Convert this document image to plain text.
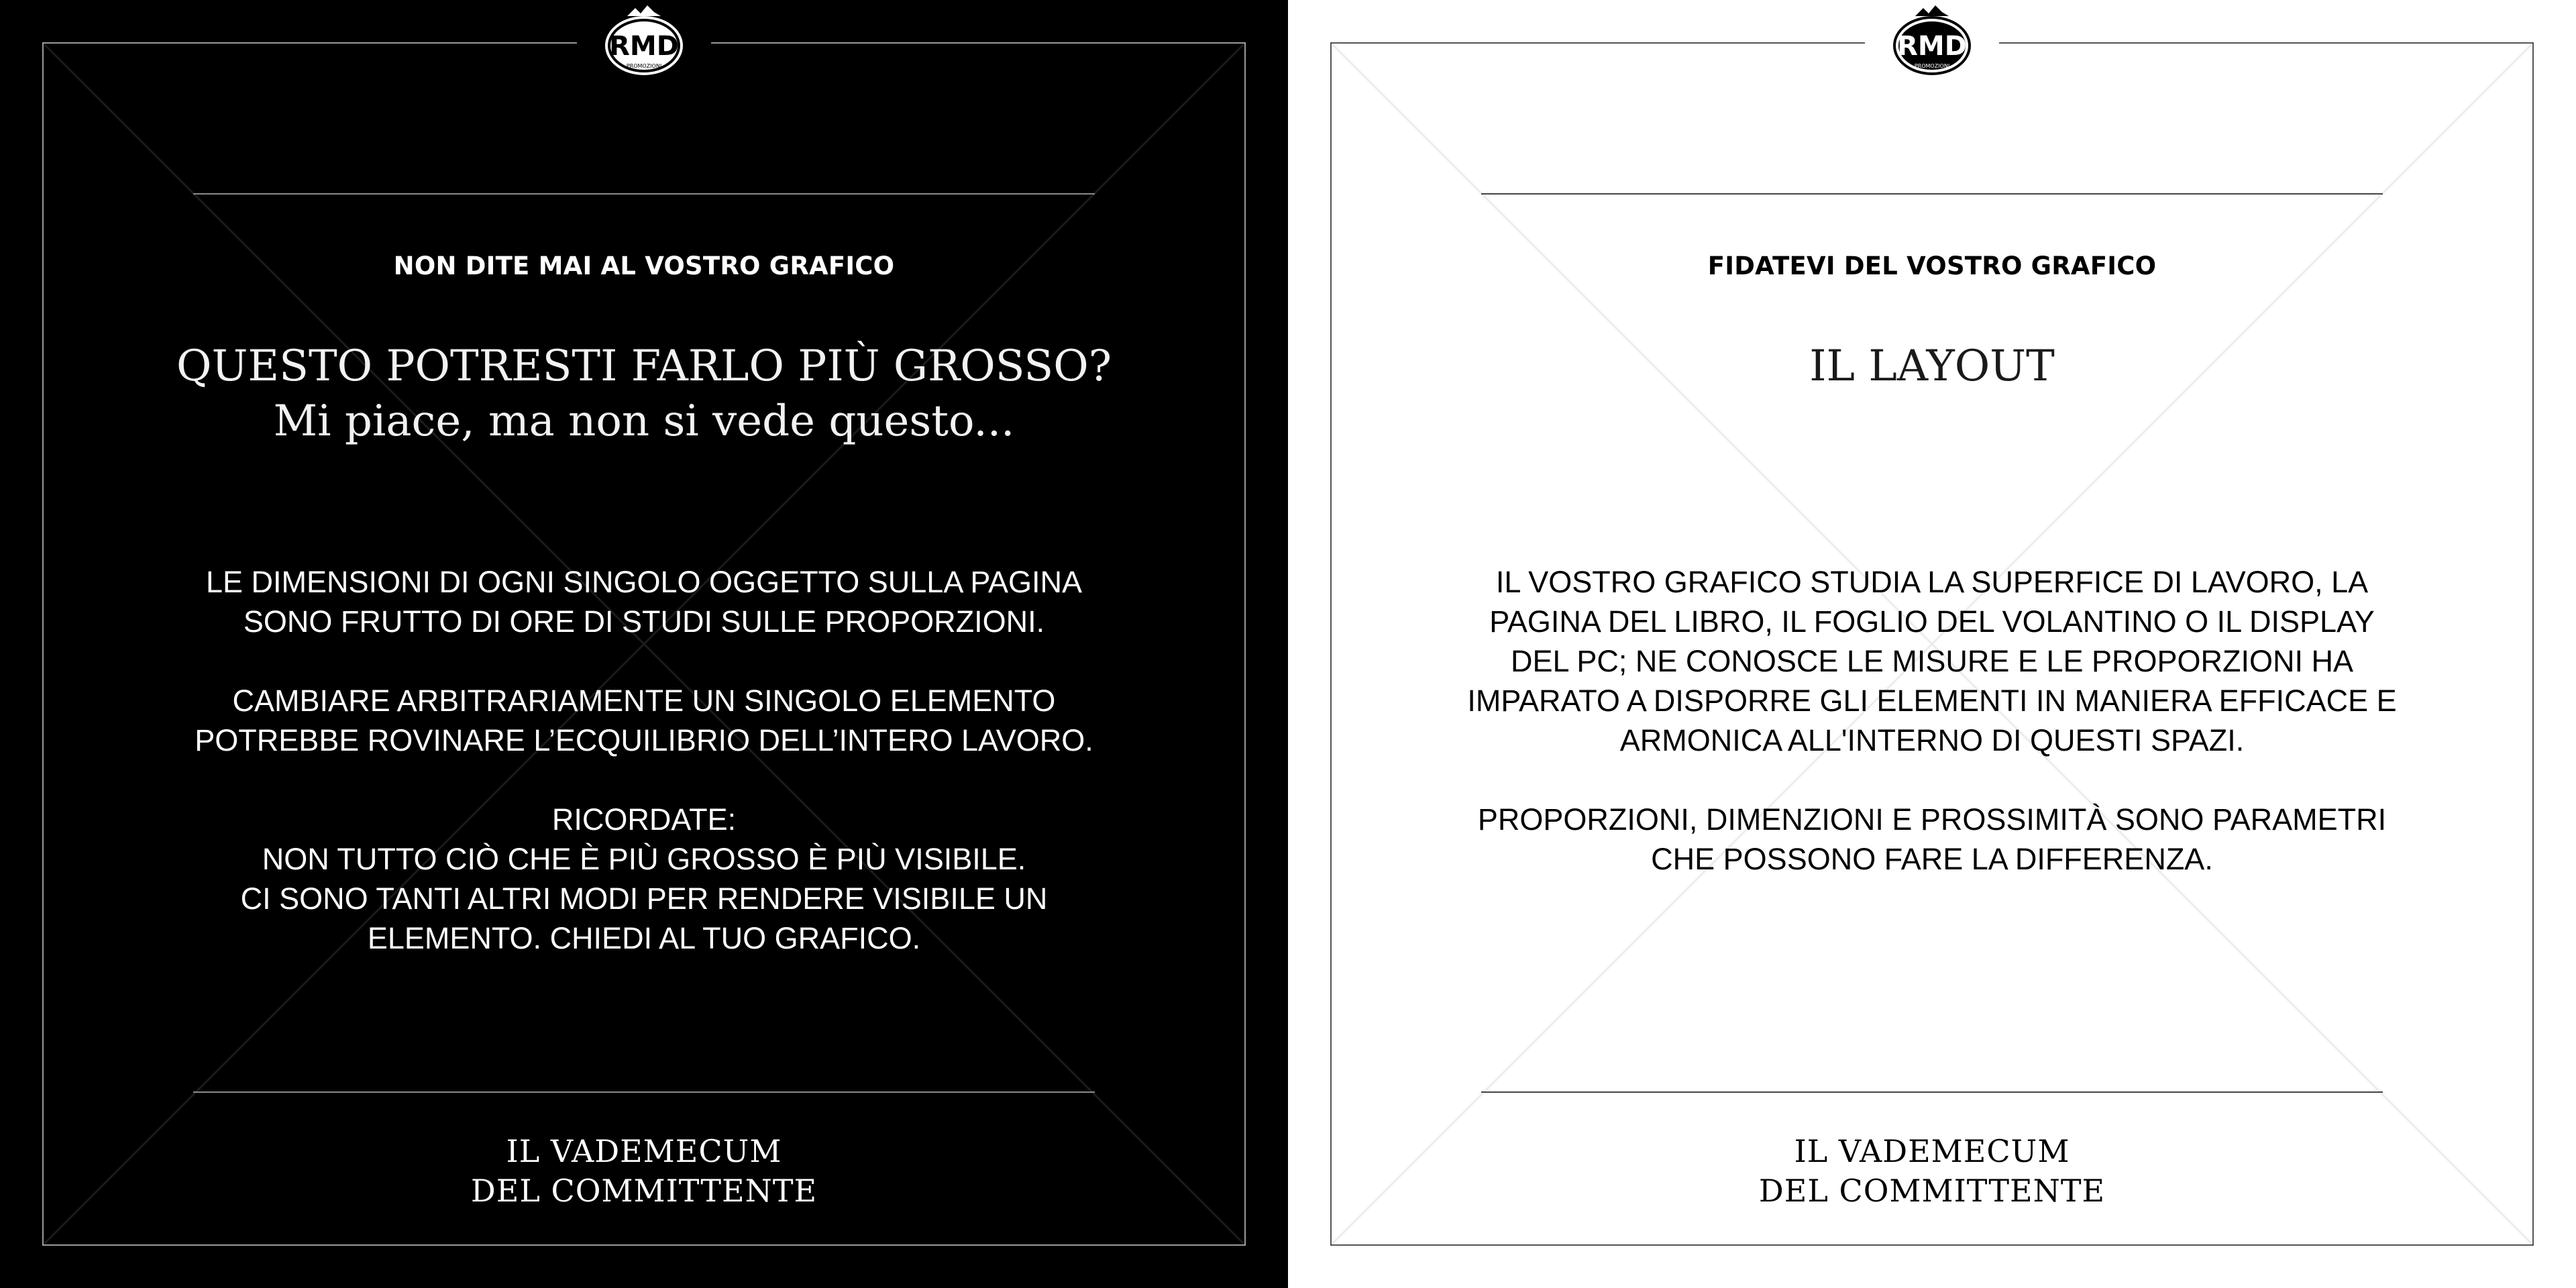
RMD
PROMOZIONI
NON DITE MAI AL VOSTRO GRAFICO
QUESTO POTRESTI FARLO PIÙ GROSSO?
Mi piace, ma non si vede questo...
LE DIMENSIONI DI OGNI SINGOLO OGGETTO SULLA PAGINA
SONO FRUTTO DI ORE DI STUDI SULLE PROPORZIONI.
CAMBIARE ARBITRARIAMENTE UN SINGOLO ELEMENTO
POTREBBE ROVINARE L’ECQUILIBRIO DELL’INTERO LAVORO.
RICORDATE:
NON TUTTO CIÒ CHE È PIÙ GROSSO È PIÙ VISIBILE.
CI SONO TANTI ALTRI MODI PER RENDERE VISIBILE UN
ELEMENTO. CHIEDI AL TUO GRAFICO.
IL VADEMECUM
DEL COMMITTENTE
RMD
PROMOZIONI
FIDATEVI DEL VOSTRO GRAFICO
IL LAYOUT
IL VOSTRO GRAFICO STUDIA LA SUPERFICE DI LAVORO, LA
PAGINA DEL LIBRO, IL FOGLIO DEL VOLANTINO O IL DISPLAY
DEL PC; NE CONOSCE LE MISURE E LE PROPORZIONI HA
IMPARATO A DISPORRE GLI ELEMENTI IN MANIERA EFFICACE E
ARMONICA ALL'INTERNO DI QUESTI SPAZI.
PROPORZIONI, DIMENZIONI E PROSSIMITÀ SONO PARAMETRI
CHE POSSONO FARE LA DIFFERENZA.
IL VADEMECUM
DEL COMMITTENTE
